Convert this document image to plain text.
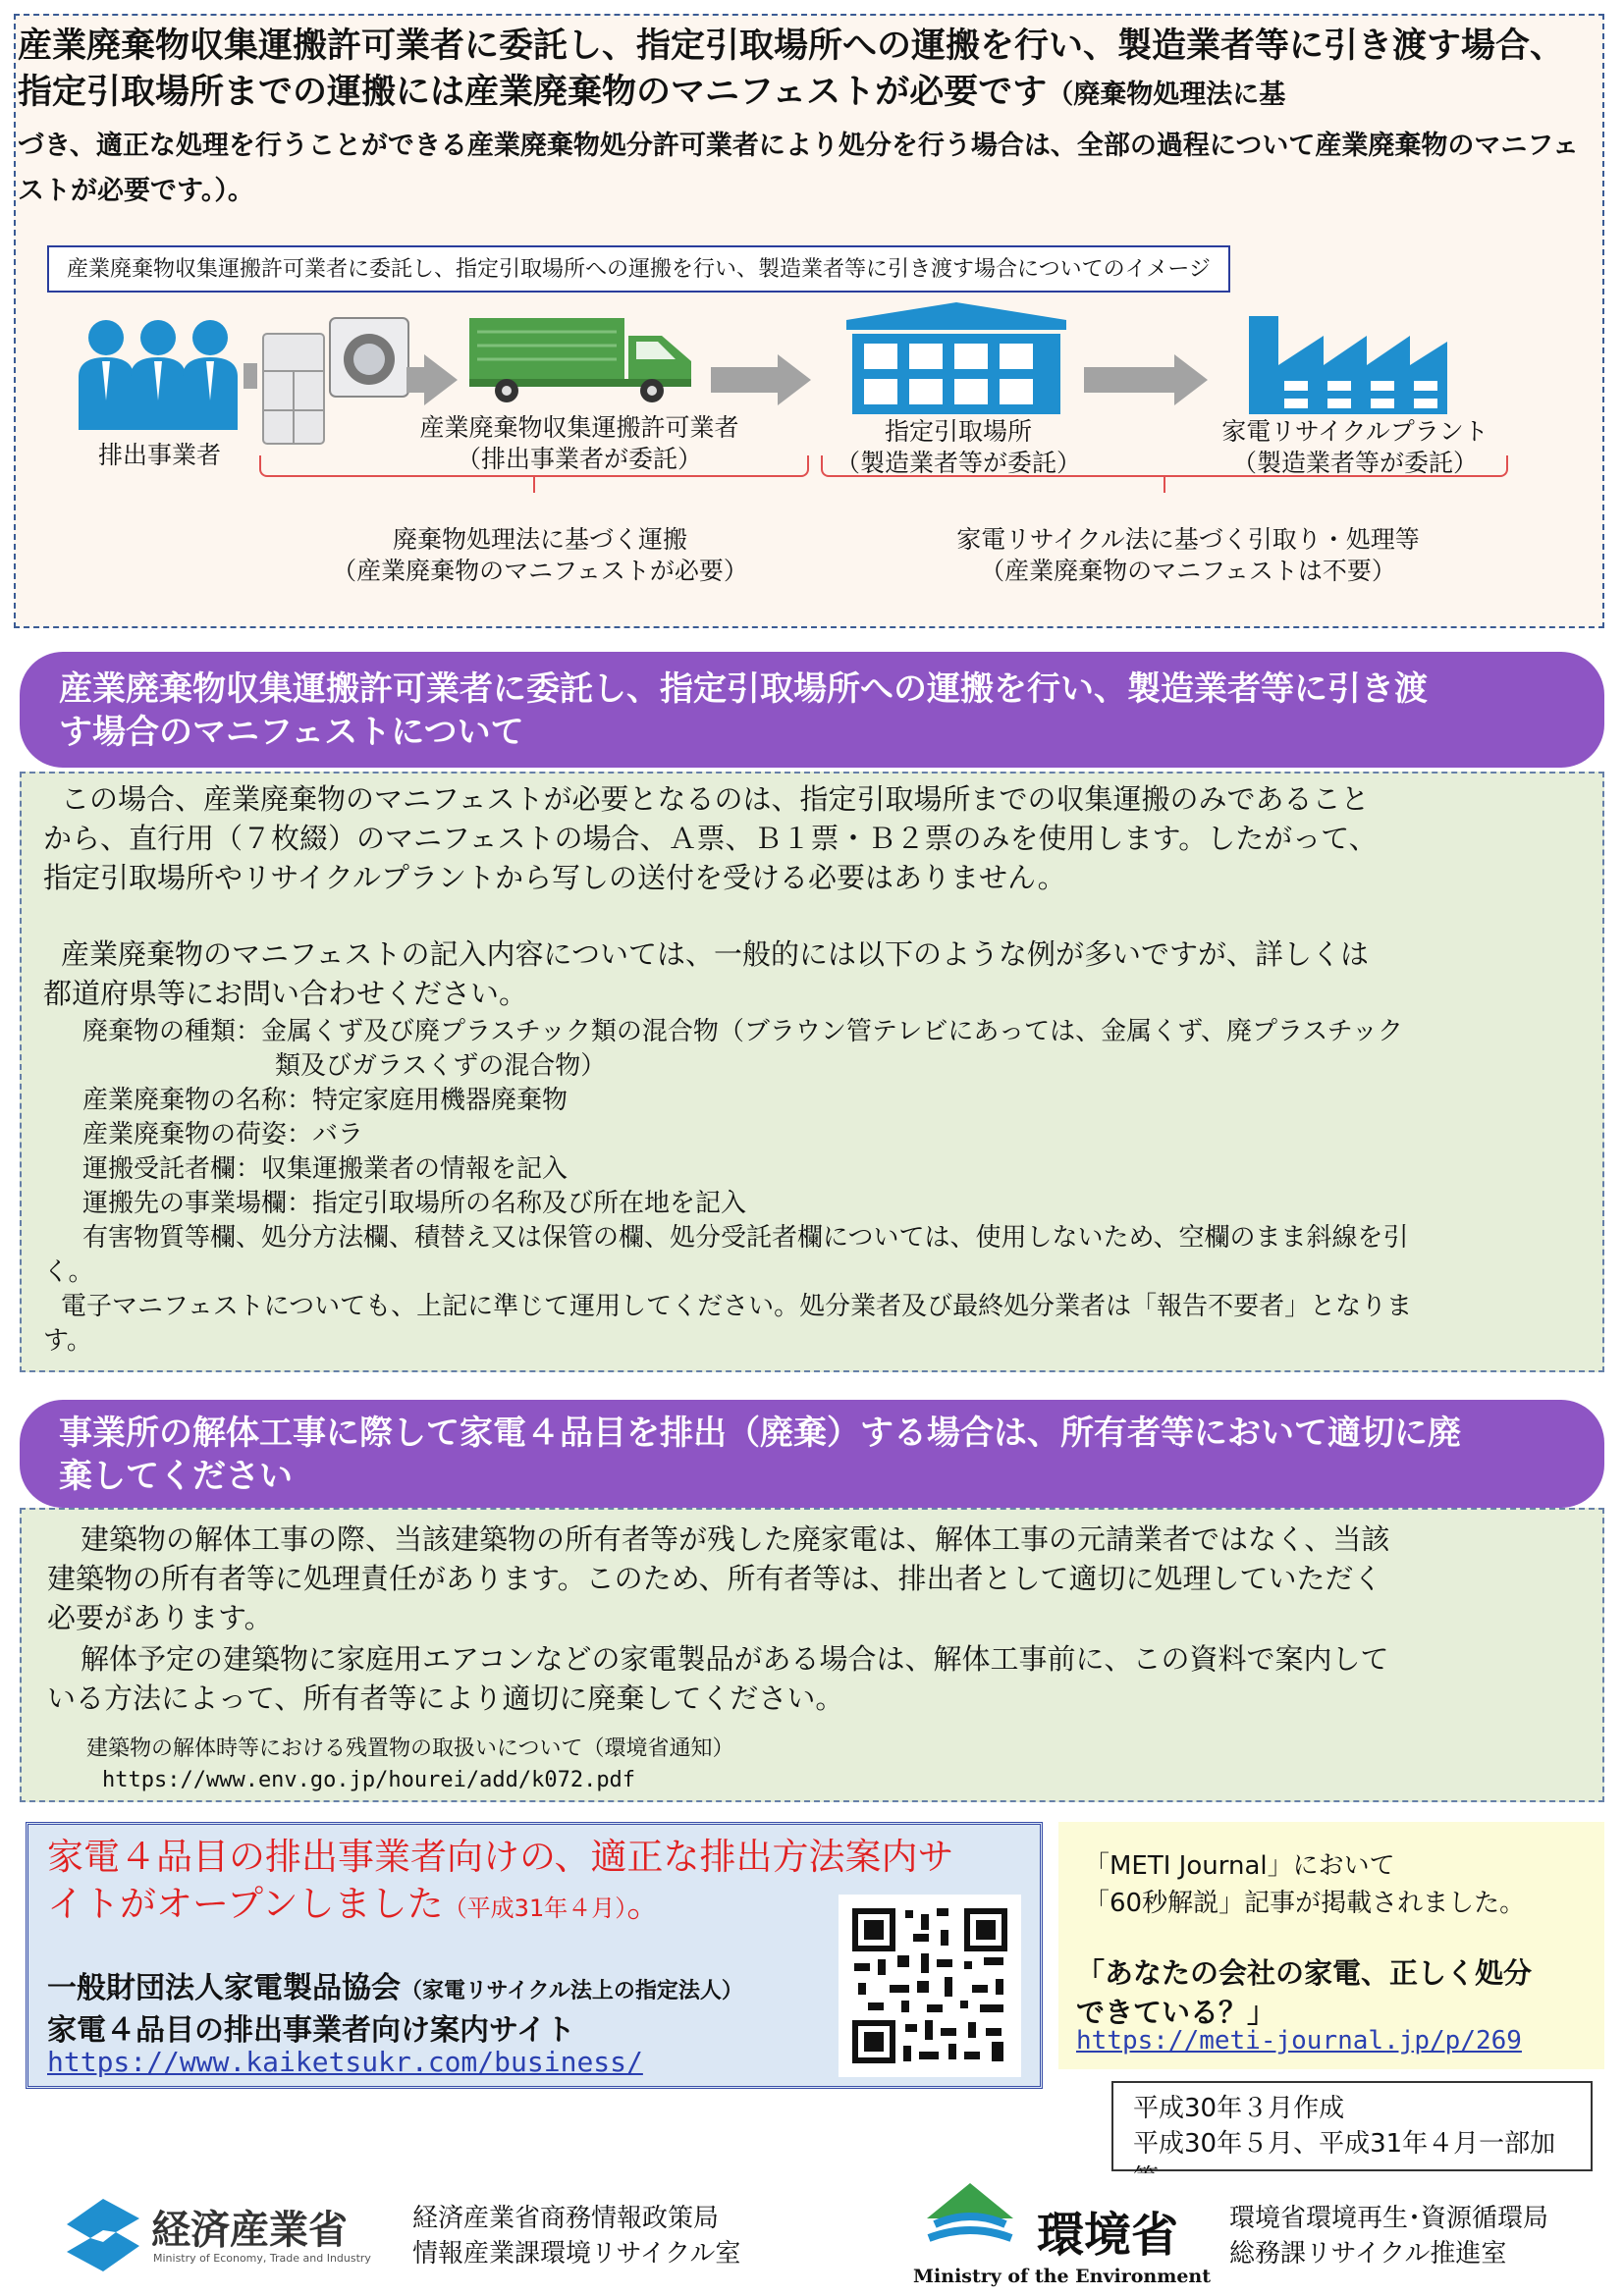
産業廃棄物収集運搬許可業者に委託し、指定引取場所への運搬を行い、製造業者等に引き渡す場合、指定引取場所までの運搬には産業廃棄物のマニフェストが必要です（廃棄物処理法に基
づき、適正な処理を行うことができる産業廃棄物処分許可業者により処分を行う場合は、全部の過程について産業廃棄物のマニフェストが必要です。）。
産業廃棄物収集運搬許可業者に委託し、指定引取場所への運搬を行い、製造業者等に引き渡す場合についてのイメージ
排出事業者
産業廃棄物収集運搬許可業者
（排出事業者が委託）
指定引取場所
（製造業者等が委託）
家電リサイクルプラント
（製造業者等が委託）
廃棄物処理法に基づく運搬
（産業廃棄物のマニフェストが必要）
家電リサイクル法に基づく引取り・処理等
（産業廃棄物のマニフェストは不要）
産業廃棄物収集運搬許可業者に委託し、指定引取場所への運搬を行い、製造業者等に引き渡
す場合のマニフェストについて
この場合、産業廃棄物のマニフェストが必要となるのは、指定引取場所までの収集運搬のみであること
から、直行用（７枚綴）のマニフェストの場合、Ａ票、Ｂ１票・Ｂ２票のみを使用します。したがって、
指定引取場所やリサイクルプラントから写しの送付を受ける必要はありません。
産業廃棄物のマニフェストの記入内容については、一般的には以下のような例が多いですが、詳しくは
都道府県等にお問い合わせください。
廃棄物の種類：金属くず及び廃プラスチック類の混合物（ブラウン管テレビにあっては、金属くず、廃プラスチック
類及びガラスくずの混合物）
産業廃棄物の名称：特定家庭用機器廃棄物
産業廃棄物の荷姿：バラ
運搬受託者欄：収集運搬業者の情報を記入
運搬先の事業場欄：指定引取場所の名称及び所在地を記入
有害物質等欄、処分方法欄、積替え又は保管の欄、処分受託者欄については、使用しないため、空欄のまま斜線を引
く。
電子マニフェストについても、上記に準じて運用してください。処分業者及び最終処分業者は「報告不要者」となりま
す。
事業所の解体工事に際して家電４品目を排出（廃棄）する場合は、所有者等において適切に廃
棄してください
建築物の解体工事の際、当該建築物の所有者等が残した廃家電は、解体工事の元請業者ではなく、当該
建築物の所有者等に処理責任があります。このため、所有者等は、排出者として適切に処理していただく
必要があります。
解体予定の建築物に家庭用エアコンなどの家電製品がある場合は、解体工事前に、この資料で案内して
いる方法によって、所有者等により適切に廃棄してください。
建築物の解体時等における残置物の取扱いについて（環境省通知）
https://www.env.go.jp/hourei/add/k072.pdf
家電４品目の排出事業者向けの、適正な排出方法案内サ
イトがオープンしました（平成31年４月）。
一般財団法人家電製品協会（家電リサイクル法上の指定法人）
家電４品目の排出事業者向け案内サイト
https://www.kaiketsukr.com/business/
「METI Journal」において
「60秒解説」記事が掲載されました。
「あなたの会社の家電、正しく処分
できている？」
https://meti-journal.jp/p/269
平成30年３月作成
平成30年５月、平成31年４月一部加
経済産業省
Ministry of Economy, Trade and Industry
経済産業省商務情報政策局
情報産業課環境リサイクル室	環境省
Ministry of the Environment
環境省環境再生･資源循環局
総務課リサイクル推進室
